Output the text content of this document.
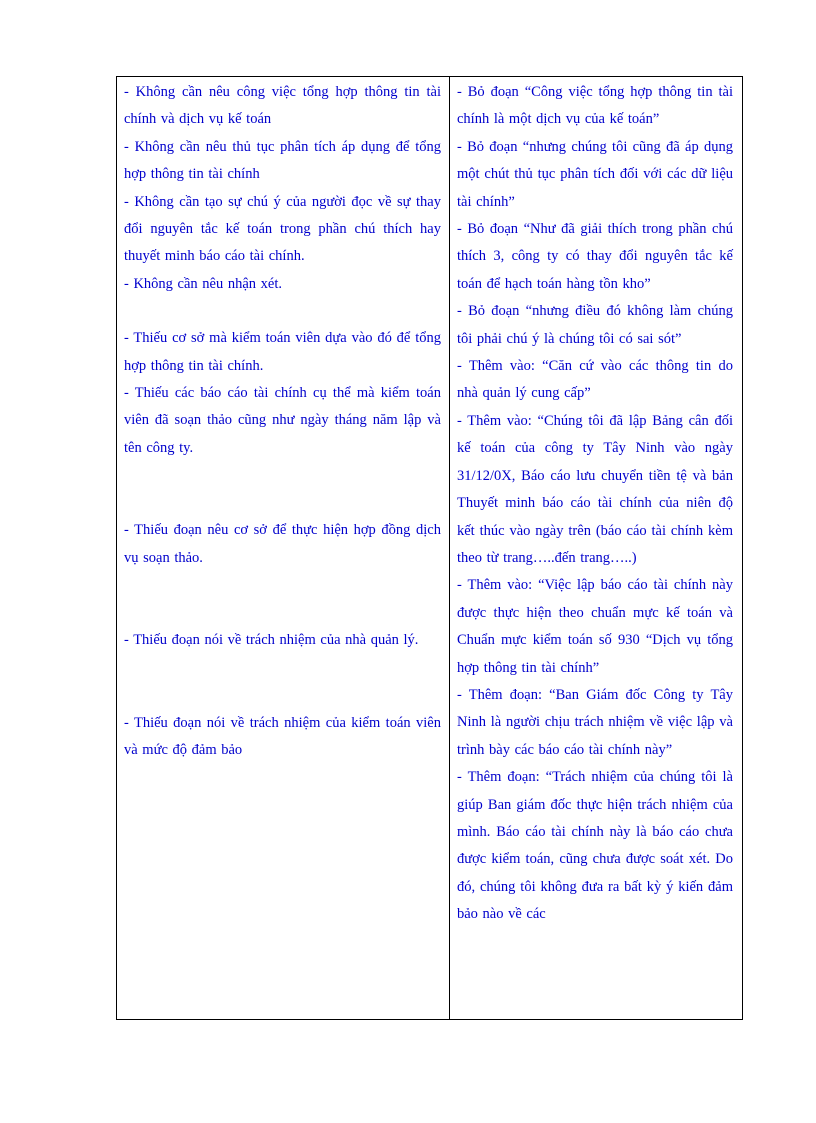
- Không cần nêu công việc tổng hợp thông tin tài chính và dịch vụ kế toán

- Không cần nêu thủ tục phân tích áp dụng để tổng hợp thông tin tài chính

- Không cần tạo sự chú ý của người đọc về sự thay đổi nguyên tắc kế toán trong phần chú thích hay thuyết minh báo cáo tài chính.

- Không cần nêu nhận xét.

- Thiếu cơ sở mà kiểm toán viên dựa vào đó để tổng hợp thông tin tài chính.

- Thiếu các báo cáo tài chính cụ thể mà kiểm toán viên đã soạn thảo cũng như ngày tháng năm lập và tên công ty.

- Thiếu đoạn nêu cơ sở để thực hiện hợp đồng dịch vụ soạn thảo.

- Thiếu đoạn nói về trách nhiệm của nhà quản lý.

- Thiếu đoạn nói về trách nhiệm của kiểm toán viên và mức độ đảm bảo

- Bỏ đoạn “Công việc tổng hợp thông tin tài chính là một dịch vụ của kế toán”

- Bỏ đoạn “nhưng chúng tôi cũng đã áp dụng một chút thủ tục phân tích đối với các dữ liệu tài chính”

- Bỏ đoạn “Như đã giải thích trong phần chú thích 3, công ty có thay đổi nguyên tắc kế toán để hạch toán hàng tồn kho”

- Bỏ đoạn “nhưng điều đó không làm chúng tôi phải chú ý là chúng tôi có sai sót”

- Thêm vào: “Căn cứ vào các thông tin do nhà quản lý cung cấp”

- Thêm vào: “Chúng tôi đã lập Bảng cân đối kế toán của công ty Tây Ninh vào ngày 31/12/0X, Báo cáo lưu chuyển tiền tệ và bản Thuyết minh báo cáo tài chính của niên độ kết thúc vào ngày trên (báo cáo tài chính kèm theo từ trang…..đến trang…..)

- Thêm vào: “Việc lập báo cáo tài chính này được thực hiện theo chuẩn mực kế toán và Chuẩn mực kiểm toán số 930 “Dịch vụ tổng hợp thông tin tài chính”

- Thêm đoạn: “Ban Giám đốc Công ty Tây Ninh là người chịu trách nhiệm về việc lập và trình bày các báo cáo tài chính này”

- Thêm đoạn: “Trách nhiệm của chúng tôi là giúp Ban giám đốc thực hiện trách nhiệm của mình. Báo cáo tài chính này là báo cáo chưa được kiểm toán, cũng chưa được soát xét. Do đó, chúng tôi không đưa ra bất kỳ ý kiến đảm bảo nào về các
